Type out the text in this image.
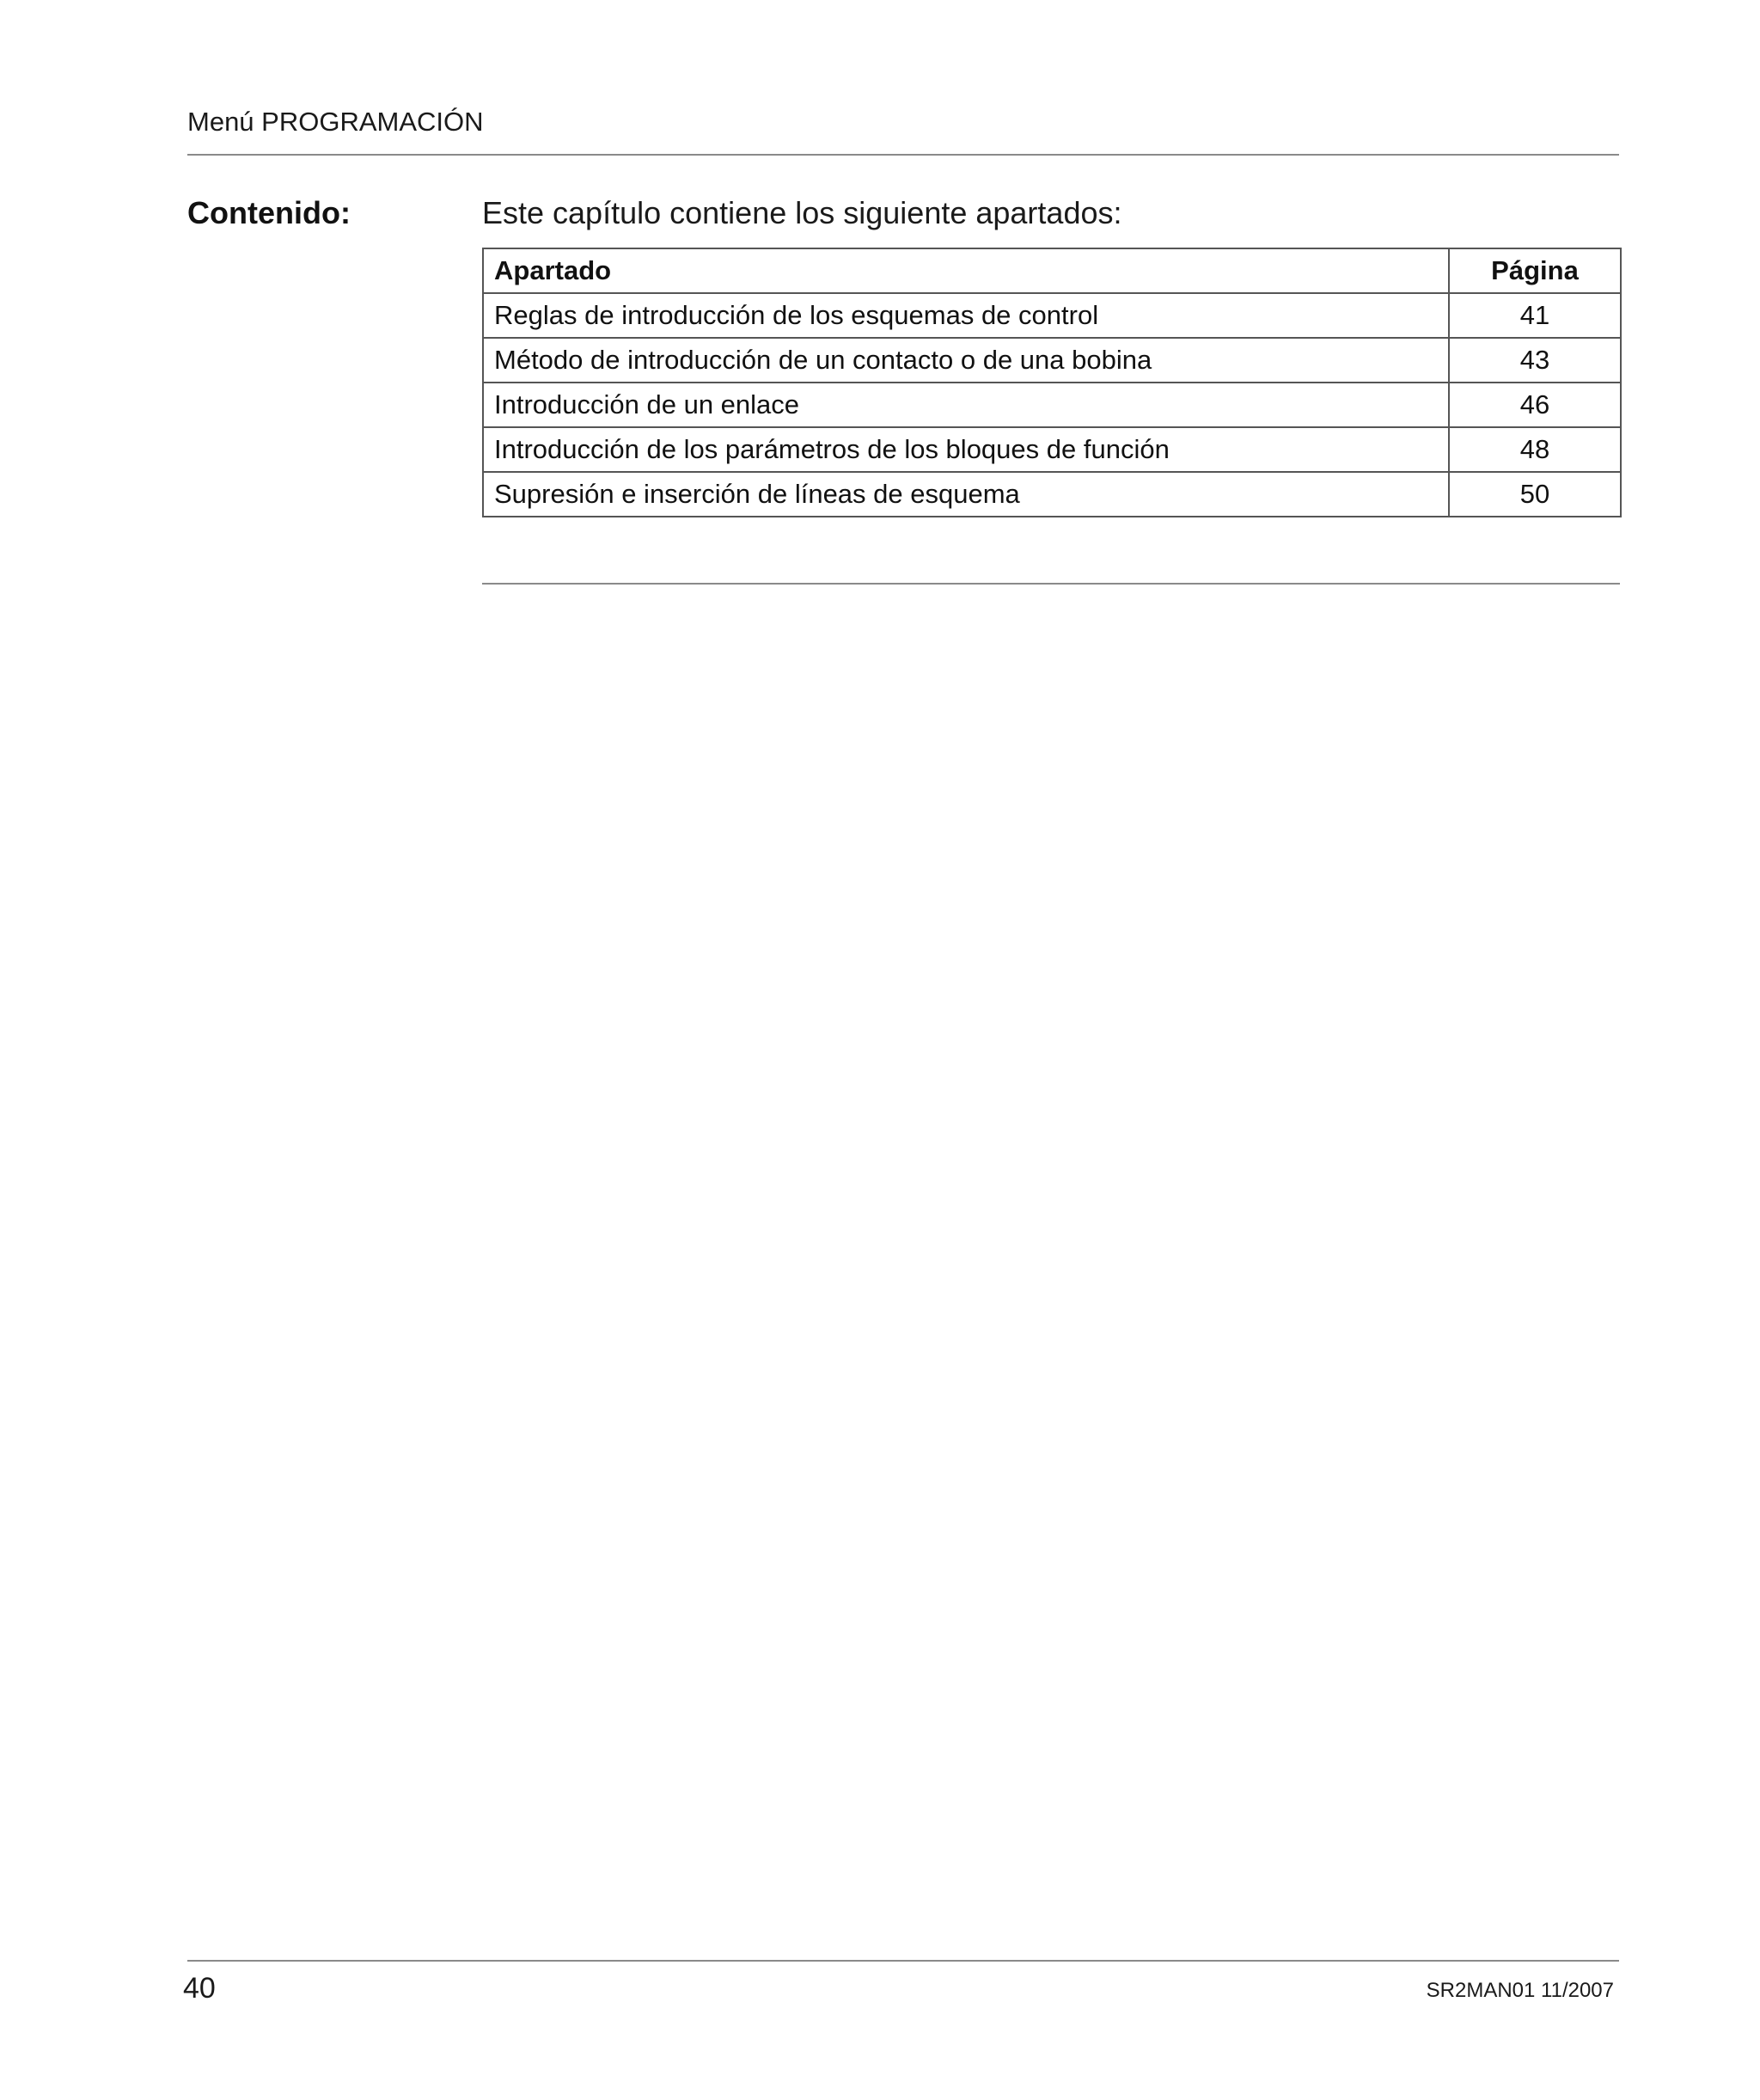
Menú PROGRAMACIÓN
Contenido:	Este capítulo contiene los siguiente apartados:
Apartado	Página
Reglas de introducción de los esquemas de control	41
Método de introducción de un contacto o de una bobina	43
Introducción de un enlace	46
Introducción de los parámetros de los bloques de función	48
Supresión e inserción de líneas de esquema	50
40	SR2MAN01 11/2007
